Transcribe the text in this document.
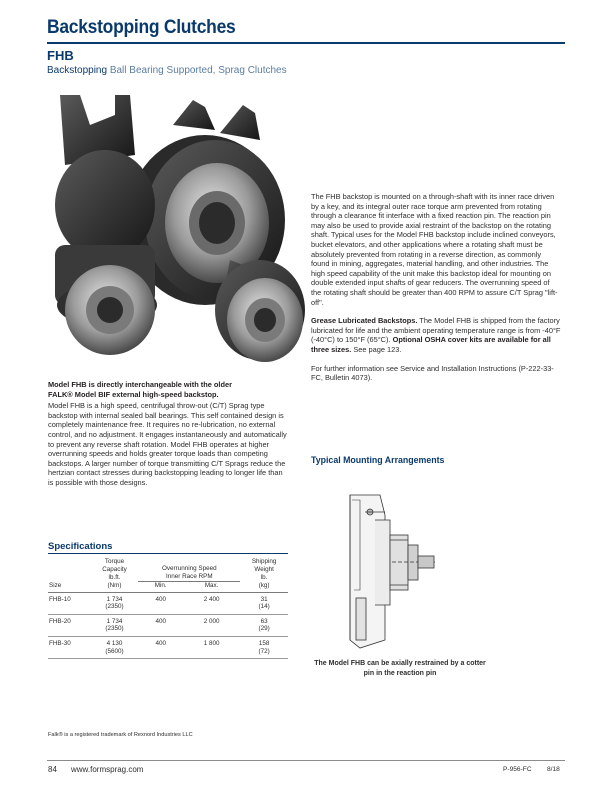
Backstopping Clutches
FHB
Backstopping Ball Bearing Supported, Sprag Clutches

Model FHB is directly interchangeable with the older
FALK® Model BIF external high-speed backstop.

Model FHB is a high speed, centrifugal throw-out (C/T) Sprag type backstop with internal sealed ball bearings. This self contained design is completely maintenance free. It requires no re-lubrication, no external control, and no adjustment. It engages instantaneously and automatically to prevent any reverse shaft rotation. Model FHB operates at higher overrunning speeds and holds greater torque loads than competing backstops. A larger number of torque transmitting C/T Sprags reduce the hertzian contact stresses during backstopping leading to longer life than is possible with those designs.

Specifications
	Torque
Capacity
lb.ft.	Overrunning Speed
Inner Race RPM		Shipping
Weight
lb.
Size	(Nm)	Min.	Max.	(kg)
FHB-10	1 734
(2350)	400	2 400	31
(14)
FHB-20	1 734
(2350)	400	2 000	63
(29)
FHB-30	4 130
(5600)	400	1 800	158
(72)

The FHB backstop is mounted on a through-shaft with its inner race driven by a key, and its integral outer race torque arm prevented from rotating through a clearance fit interface with a fixed reaction pin. The reaction pin may also be used to provide axial restraint of the backstop on the rotating shaft. Typical uses for the Model FHB backstop include inclined conveyors, bucket elevators, and other applications where a rotating shaft must be absolutely prevented from rotating in a reverse direction, as commonly found in mining, aggregates, material handling, and other industries. The high speed capability of the unit make this backstop ideal for mounting on double extended input shafts of gear reducers. The overrunning speed of the rotating shaft should be greater than 400 RPM to assure C/T Sprag "lift-off".

Grease Lubricated Backstops. The Model FHB is shipped from the factory lubricated for life and the ambient operating temperature range is from -40°F (-40°C) to 150°F (65°C). Optional OSHA cover kits are available for all three sizes. See page 123.

For further information see Service and Installation Instructions (P-222-33-FC, Bulletin 4073).

Typical Mounting Arrangements
The Model FHB can be axially restrained by a cotter
pin in the reaction pin
Falk® is a registered trademark of Rexnord Industries LLC
84 www.formsprag.com	P-956-FC 8/18
